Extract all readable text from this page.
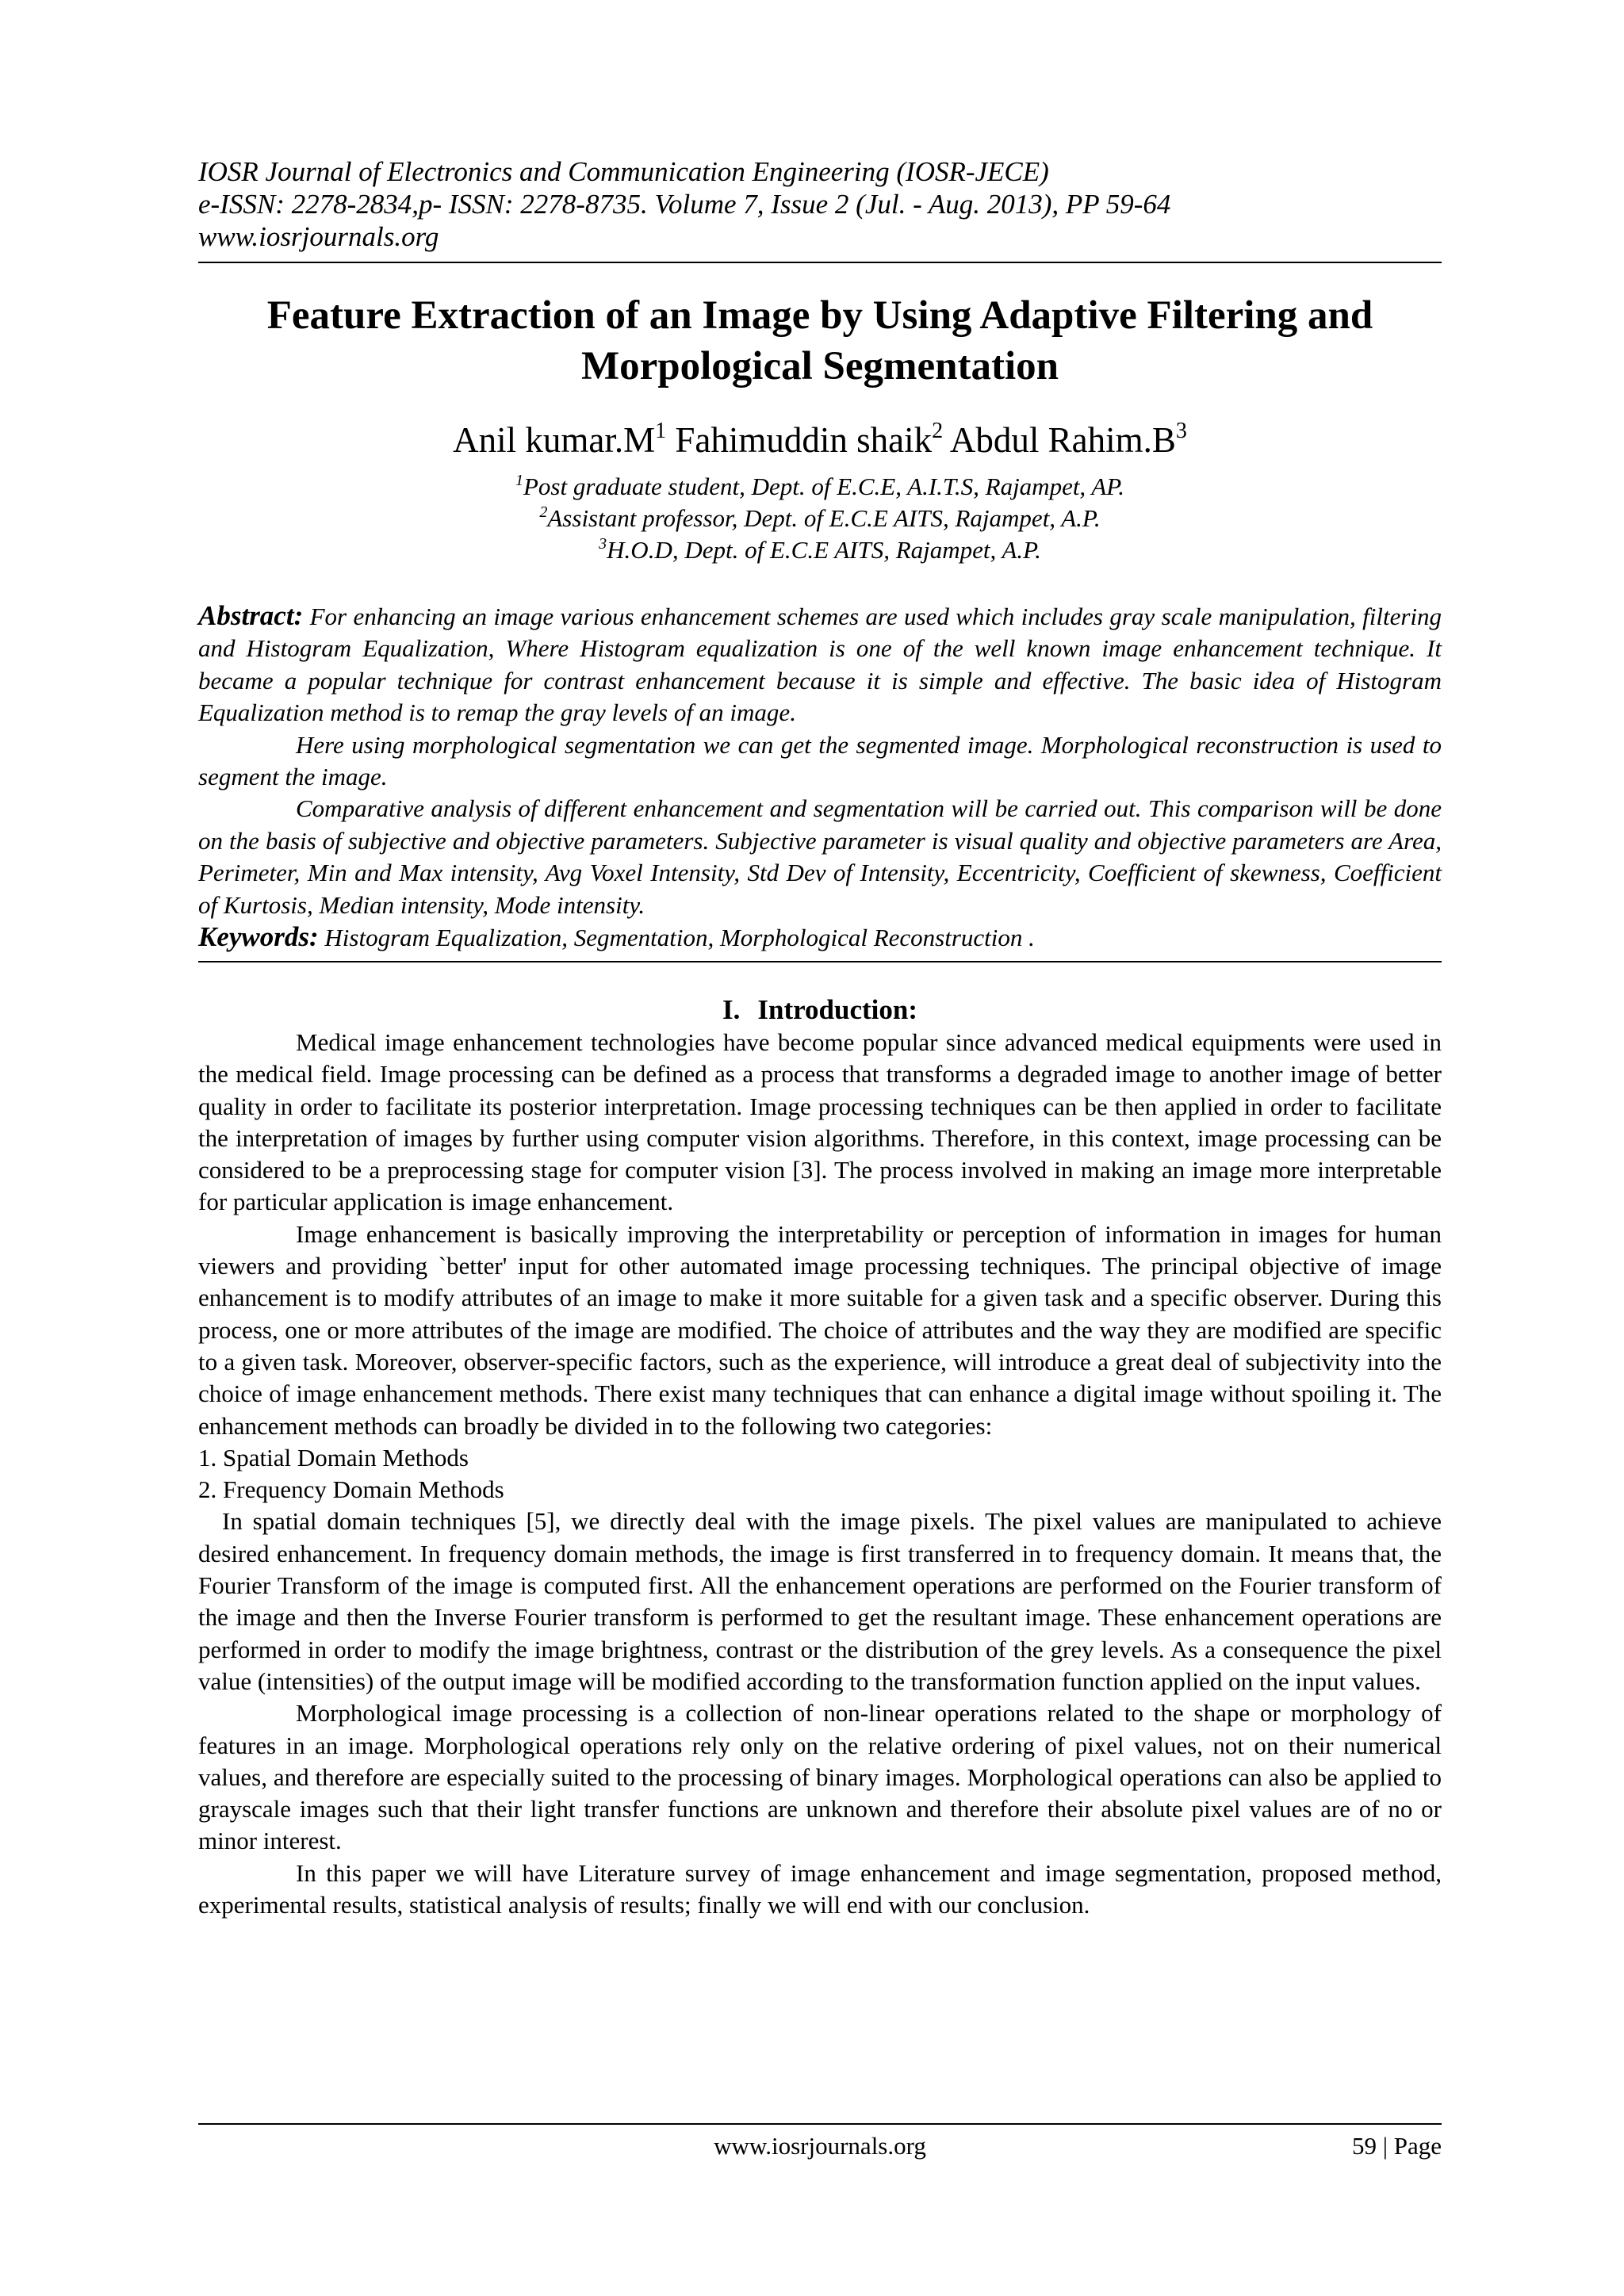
IOSR Journal of Electronics and Communication Engineering (IOSR-JECE)
e-ISSN: 2278-2834,p- ISSN: 2278-8735. Volume 7, Issue 2 (Jul. - Aug. 2013), PP 59-64
www.iosrjournals.org
Feature Extraction of an Image by Using Adaptive Filtering and
Morpological Segmentation
Anil $kumar.M^1$ Fahimuddin shaik$^2$ Abdul $Rahim.B^3$
$^1$Post graduate student, Dept. of E.C.E, A.I.T.S, Rajampet, AP.
$^2$Assistant professor, Dept. of E.C.E AITS, Rajampet, A.P.
$^3$H.O.D, Dept. of E.C.E AITS, Rajampet, A.P.

Abstract: For enhancing an image various enhancement schemes are used which includes gray scale manipulation, filtering and Histogram Equalization, Where Histogram equalization is one of the well known image enhancement technique. It became a popular technique for contrast enhancement because it is simple and effective. The basic idea of Histogram Equalization method is to remap the gray levels of an image.

Here using morphological segmentation we can get the segmented image. Morphological reconstruction is used to segment the image.

Comparative analysis of different enhancement and segmentation will be carried out. This comparison will be done on the basis of subjective and objective parameters. Subjective parameter is visual quality and objective parameters are Area, Perimeter, Min and Max intensity, Avg Voxel Intensity, Std Dev of Intensity, Eccentricity, Coefficient of skewness, Coefficient of Kurtosis, Median intensity, Mode intensity.

Keywords: Histogram Equalization, Segmentation, Morphological Reconstruction .

I. Introduction:

Medical image enhancement technologies have become popular since advanced medical equipments were used in the medical field. Image processing can be defined as a process that transforms a degraded image to another image of better quality in order to facilitate its posterior interpretation. Image processing techniques can be then applied in order to facilitate the interpretation of images by further using computer vision algorithms. Therefore, in this context, image processing can be considered to be a preprocessing stage for computer vision [3]. The process involved in making an image more interpretable for particular application is image enhancement.

Image enhancement is basically improving the interpretability or perception of information in images for human viewers and providing `better' input for other automated image processing techniques. The principal objective of image enhancement is to modify attributes of an image to make it more suitable for a given task and a specific observer. During this process, one or more attributes of the image are modified. The choice of attributes and the way they are modified are specific to a given task. Moreover, observer-specific factors, such as the experience, will introduce a great deal of subjectivity into the choice of image enhancement methods. There exist many techniques that can enhance a digital image without spoiling it. The enhancement methods can broadly be divided in to the following two categories:

1. Spatial Domain Methods

2. Frequency Domain Methods

In spatial domain techniques [5], we directly deal with the image pixels. The pixel values are manipulated to achieve desired enhancement. In frequency domain methods, the image is first transferred in to frequency domain. It means that, the Fourier Transform of the image is computed first. All the enhancement operations are performed on the Fourier transform of the image and then the Inverse Fourier transform is performed to get the resultant image. These enhancement operations are performed in order to modify the image brightness, contrast or the distribution of the grey levels. As a consequence the pixel value (intensities) of the output image will be modified according to the transformation function applied on the input values.

Morphological image processing is a collection of non-linear operations related to the shape or morphology of features in an image. Morphological operations rely only on the relative ordering of pixel values, not on their numerical values, and therefore are especially suited to the processing of binary images. Morphological operations can also be applied to grayscale images such that their light transfer functions are unknown and therefore their absolute pixel values are of no or minor interest.

In this paper we will have Literature survey of image enhancement and image segmentation, proposed method, experimental results, statistical analysis of results; finally we will end with our conclusion.

www.iosrjournals.org	59 | Page
